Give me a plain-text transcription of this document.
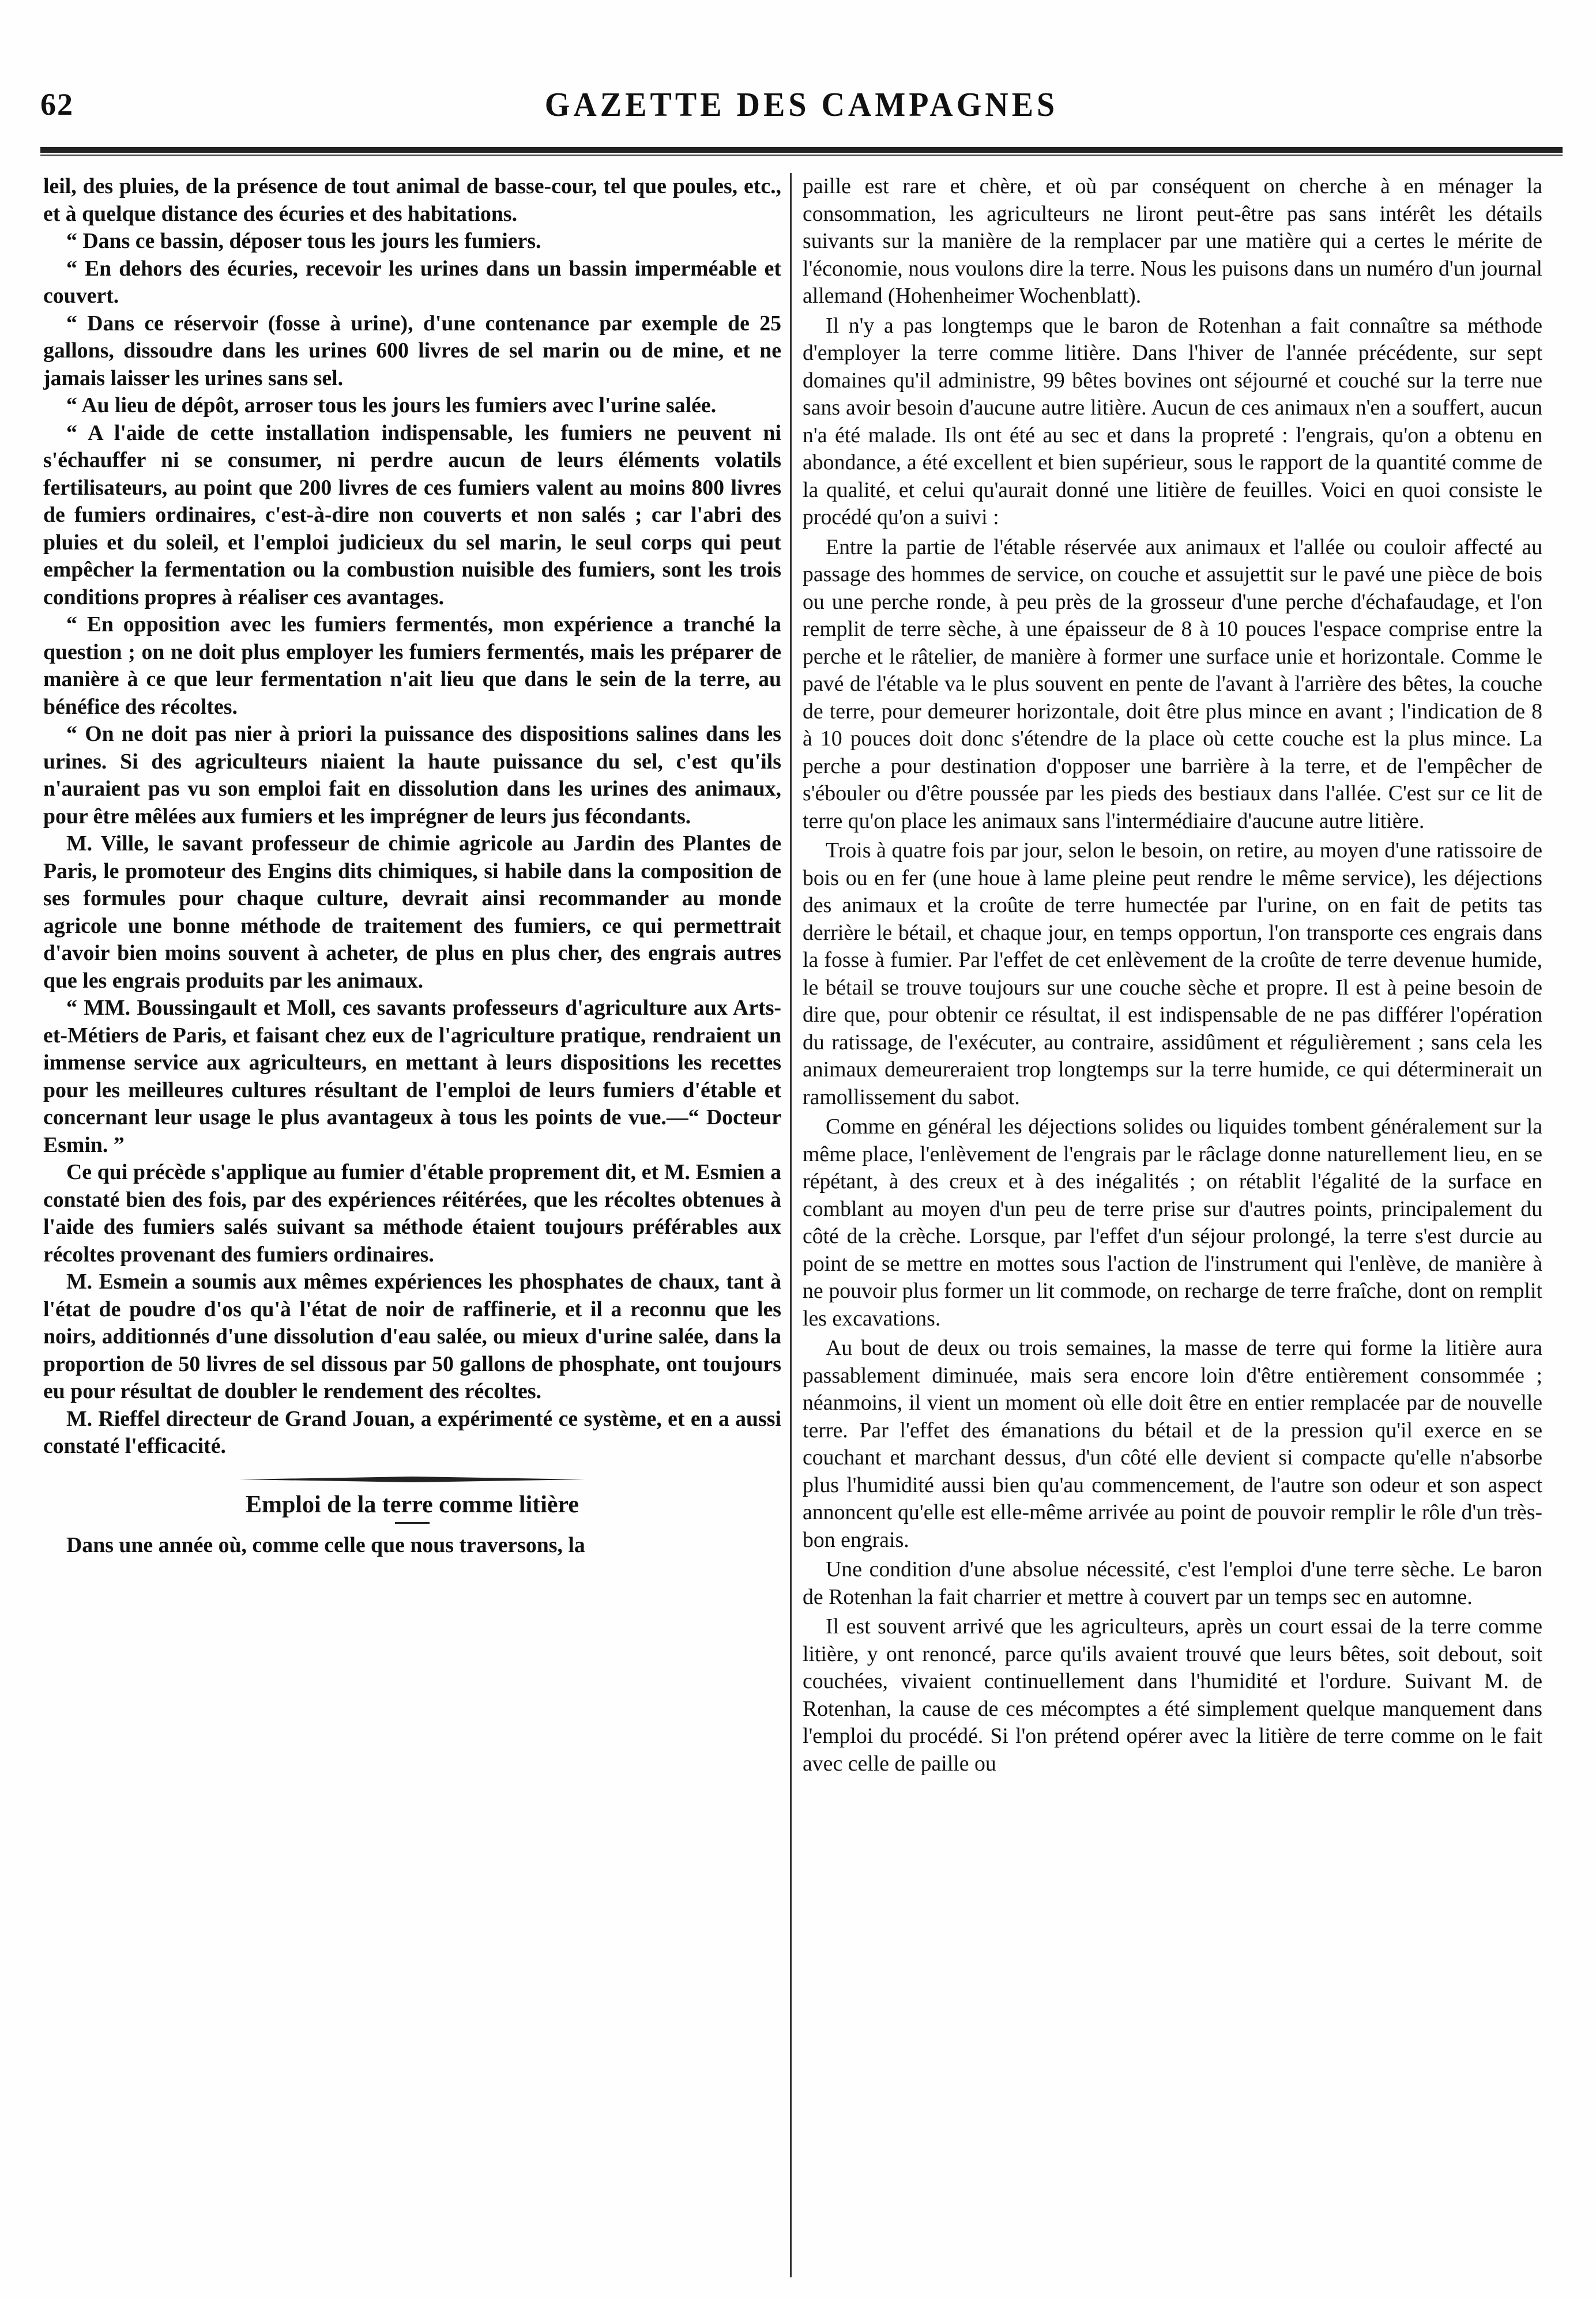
GAZETTE DES CAMPAGNES
62

leil, des pluies, de la présence de tout animal de basse-cour, tel que poules, etc., et à quelque distance des écuries et des habitations.

“ Dans ce bassin, déposer tous les jours les fumiers.

“ En dehors des écuries, recevoir les urines dans un bassin imperméable et couvert.

“ Dans ce réservoir (fosse à urine), d'une contenance par exemple de 25 gallons, dissoudre dans les urines 600 livres de sel marin ou de mine, et ne jamais laisser les urines sans sel.

“ Au lieu de dépôt, arroser tous les jours les fumiers avec l'urine salée.

“ A l'aide de cette installation indispensable, les fumiers ne peuvent ni s'échauffer ni se consumer, ni perdre aucun de leurs éléments volatils fertilisateurs, au point que 200 livres de ces fumiers valent au moins 800 livres de fumiers ordinaires, c'est-à-dire non couverts et non salés ; car l'abri des pluies et du soleil, et l'emploi judicieux du sel marin, le seul corps qui peut empêcher la fermentation ou la combustion nuisible des fumiers, sont les trois conditions propres à réaliser ces avantages.

“ En opposition avec les fumiers fermentés, mon expérience a tranché la question ; on ne doit plus employer les fumiers fermentés, mais les préparer de manière à ce que leur fermentation n'ait lieu que dans le sein de la terre, au bénéfice des récoltes.

“ On ne doit pas nier à priori la puissance des dispositions salines dans les urines. Si des agriculteurs niaient la haute puissance du sel, c'est qu'ils n'auraient pas vu son emploi fait en dissolution dans les urines des animaux, pour être mêlées aux fumiers et les imprégner de leurs jus fécondants.

M. Ville, le savant professeur de chimie agricole au Jardin des Plantes de Paris, le promoteur des Engins dits chimiques, si habile dans la composition de ses formules pour chaque culture, devrait ainsi recommander au monde agricole une bonne méthode de traitement des fumiers, ce qui permettrait d'avoir bien moins souvent à acheter, de plus en plus cher, des engrais autres que les engrais produits par les animaux.

“ MM. Boussingault et Moll, ces savants professeurs d'agriculture aux Arts-et-Métiers de Paris, et faisant chez eux de l'agriculture pratique, rendraient un immense service aux agriculteurs, en mettant à leurs dispositions les recettes pour les meilleures cultures résultant de l'emploi de leurs fumiers d'étable et concernant leur usage le plus avantageux à tous les points de vue.—“ Docteur Esmin. ”

Ce qui précède s'applique au fumier d'étable proprement dit, et M. Esmien a constaté bien des fois, par des expériences réitérées, que les récoltes obtenues à l'aide des fumiers salés suivant sa méthode étaient toujours préférables aux récoltes provenant des fumiers ordinaires.

M. Esmein a soumis aux mêmes expériences les phosphates de chaux, tant à l'état de poudre d'os qu'à l'état de noir de raffinerie, et il a reconnu que les noirs, additionnés d'une dissolution d'eau salée, ou mieux d'urine salée, dans la proportion de 50 livres de sel dissous par 50 gallons de phosphate, ont toujours eu pour résultat de doubler le rendement des récoltes.

M. Rieffel directeur de Grand Jouan, a expérimenté ce système, et en a aussi constaté l'efficacité.

Emploi de la terre comme litière

Dans une année où, comme celle que nous traversons, la

paille est rare et chère, et où par conséquent on cherche à en ménager la consommation, les agriculteurs ne liront peut-être pas sans intérêt les détails suivants sur la manière de la remplacer par une matière qui a certes le mérite de l'économie, nous voulons dire la terre. Nous les puisons dans un numéro d'un journal allemand (Hohenheimer Wochenblatt).

Il n'y a pas longtemps que le baron de Rotenhan a fait connaître sa méthode d'employer la terre comme litière. Dans l'hiver de l'année précédente, sur sept domaines qu'il administre, 99 bêtes bovines ont séjourné et couché sur la terre nue sans avoir besoin d'aucune autre litière. Aucun de ces animaux n'en a souffert, aucun n'a été malade. Ils ont été au sec et dans la propreté : l'engrais, qu'on a obtenu en abondance, a été excellent et bien supérieur, sous le rapport de la quantité comme de la qualité, et celui qu'aurait donné une litière de feuilles. Voici en quoi consiste le procédé qu'on a suivi :

Entre la partie de l'étable réservée aux animaux et l'allée ou couloir affecté au passage des hommes de service, on couche et assujettit sur le pavé une pièce de bois ou une perche ronde, à peu près de la grosseur d'une perche d'échafaudage, et l'on remplit de terre sèche, à une épaisseur de 8 à 10 pouces l'espace comprise entre la perche et le râtelier, de manière à former une surface unie et horizontale. Comme le pavé de l'étable va le plus souvent en pente de l'avant à l'arrière des bêtes, la couche de terre, pour demeurer horizontale, doit être plus mince en avant ; l'indication de 8 à 10 pouces doit donc s'étendre de la place où cette couche est la plus mince. La perche a pour destination d'opposer une barrière à la terre, et de l'empêcher de s'ébouler ou d'être poussée par les pieds des bestiaux dans l'allée. C'est sur ce lit de terre qu'on place les animaux sans l'intermédiaire d'aucune autre litière.

Trois à quatre fois par jour, selon le besoin, on retire, au moyen d'une ratissoire de bois ou en fer (une houe à lame pleine peut rendre le même service), les déjections des animaux et la croûte de terre humectée par l'urine, on en fait de petits tas derrière le bétail, et chaque jour, en temps opportun, l'on transporte ces engrais dans la fosse à fumier. Par l'effet de cet enlèvement de la croûte de terre devenue humide, le bétail se trouve toujours sur une couche sèche et propre. Il est à peine besoin de dire que, pour obtenir ce résultat, il est indispensable de ne pas différer l'opération du ratissage, de l'exécuter, au contraire, assidûment et régulièrement ; sans cela les animaux demeureraient trop longtemps sur la terre humide, ce qui déterminerait un ramollissement du sabot.

Comme en général les déjections solides ou liquides tombent généralement sur la même place, l'enlèvement de l'engrais par le râclage donne naturellement lieu, en se répétant, à des creux et à des inégalités ; on rétablit l'égalité de la surface en comblant au moyen d'un peu de terre prise sur d'autres points, principalement du côté de la crèche. Lorsque, par l'effet d'un séjour prolongé, la terre s'est durcie au point de se mettre en mottes sous l'action de l'instrument qui l'enlève, de manière à ne pouvoir plus former un lit commode, on recharge de terre fraîche, dont on remplit les excavations.

Au bout de deux ou trois semaines, la masse de terre qui forme la litière aura passablement diminuée, mais sera encore loin d'être entièrement consommée ; néanmoins, il vient un moment où elle doit être en entier remplacée par de nouvelle terre. Par l'effet des émanations du bétail et de la pression qu'il exerce en se couchant et marchant dessus, d'un côté elle devient si compacte qu'elle n'absorbe plus l'humidité aussi bien qu'au commencement, de l'autre son odeur et son aspect annoncent qu'elle est elle-même arrivée au point de pouvoir remplir le rôle d'un très-bon engrais.

Une condition d'une absolue nécessité, c'est l'emploi d'une terre sèche. Le baron de Rotenhan la fait charrier et mettre à couvert par un temps sec en automne.

Il est souvent arrivé que les agriculteurs, après un court essai de la terre comme litière, y ont renoncé, parce qu'ils avaient trouvé que leurs bêtes, soit debout, soit couchées, vivaient continuellement dans l'humidité et l'ordure. Suivant M. de Rotenhan, la cause de ces mécomptes a été simplement quelque manquement dans l'emploi du procédé. Si l'on prétend opérer avec la litière de terre comme on le fait avec celle de paille ou
